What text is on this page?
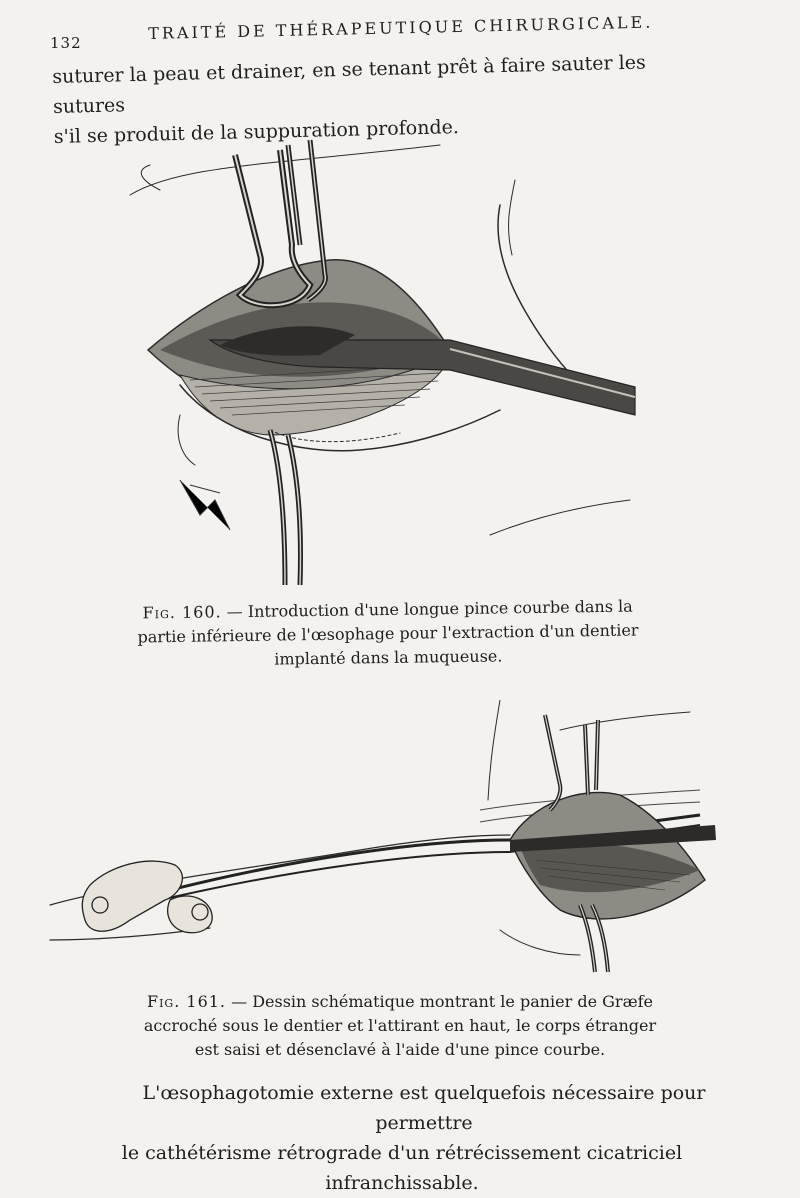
132
TRAITÉ DE THÉRAPEUTIQUE CHIRURGICALE.
suturer la peau et drainer, en se tenant prêt à faire sauter les sutures
s'il se produit de la suppuration profonde.
Fig. 160. — Introduction d'une longue pince courbe dans la
partie inférieure de l'œsophage pour l'extraction d'un dentier
implanté dans la muqueuse.
Fig. 161. — Dessin schématique montrant le panier de Græfe
accroché sous le dentier et l'attirant en haut, le corps étranger
est saisi et désenclavé à l'aide d'une pince courbe.
L'œsophagotomie externe est quelquefois nécessaire pour permettre
le cathétérisme rétrograde d'un rétrécissement cicatriciel infranchissable.
